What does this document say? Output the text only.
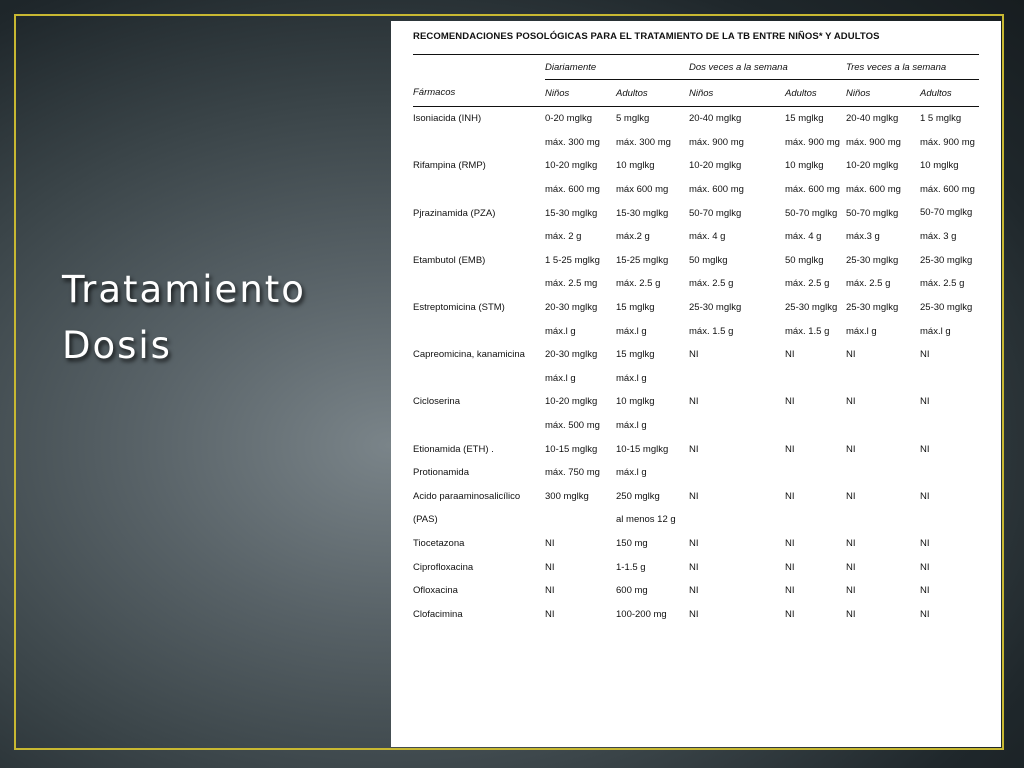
Tratamiento
Dosis
RECOMENDACIONES POSOLÓGICAS PARA EL TRATAMIENTO DE LA TB ENTRE NIÑOS* Y ADULTOS
	Diariamente		Dos veces a la semana		Tres veces a la semana	
Fármacos	Niños	Adultos	Niños	Adultos	Niños	Adultos
Isoniacida (INH)	0-20 mglkg	5 mglkg	20-40 mglkg	15 mglkg	20-40 mglkg	1 5 mglkg
	máx. 300 mg	máx. 300 mg	máx. 900 mg	máx. 900 mg	máx. 900 mg	máx. 900 mg
Rifampina (RMP)	10-20 mglkg	10 mglkg	10-20 mglkg	10 mglkg	10-20 mglkg	10 mglkg
	máx. 600 mg	máx 600 mg	máx. 600 mg	máx. 600 mg	máx. 600 mg	máx. 600 mg
Pjrazinamida (PZA)	15-30 mglkg	15-30 mglkg	50-70 mglkg	50-70 mglkg	50-70 mglkg	50-70 mglkg
	máx. 2 g	máx.2 g	máx. 4 g	máx. 4 g	máx.3 g	máx. 3 g
Etambutol (EMB)	1 5-25 mglkg	15-25 mglkg	50 mglkg	50 mglkg	25-30 mglkg	25-30 mglkg
	máx. 2.5 mg	máx. 2.5 g	máx. 2.5 g	máx. 2.5 g	máx. 2.5 g	máx. 2.5 g
Estreptomicina (STM)	20-30 mglkg	15 mglkg	25-30 mglkg	25-30 mglkg	25-30 mglkg	25-30 mglkg
	máx.l g	máx.l g	máx. 1.5 g	máx. 1.5 g	máx.l g	máx.l g
Capreomicina, kanamicina	20-30 mglkg	15 mglkg	NI	NI	NI	NI
	máx.l g	máx.l g				
Cicloserina	10-20 mglkg	10 mglkg	NI	NI	NI	NI
	máx. 500 mg	máx.l g				
Etionamida (ETH) .	10-15 mglkg	10-15 mglkg	NI	NI	NI	NI
Protionamida	máx. 750 mg	máx.l g				
Acido paraaminosalicílico	300 mglkg	250 mglkg	NI	NI	NI	NI
(PAS)		al menos 12 g				
Tiocetazona	NI	150 mg	NI	NI	NI	NI
Ciprofloxacina	NI	1-1.5 g	NI	NI	NI	NI
Ofloxacina	NI	600 mg	NI	NI	NI	NI
Clofacimina	NI	100-200 mg	NI	NI	NI	NI
